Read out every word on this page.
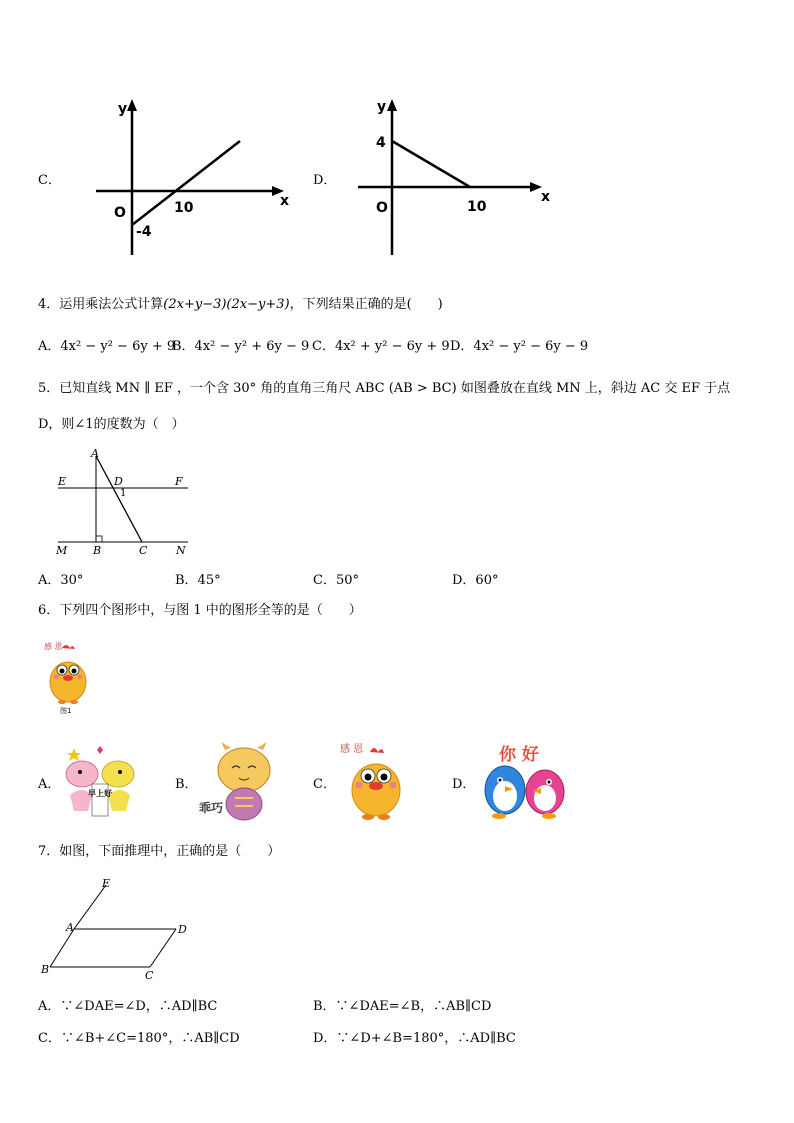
C．
y
x
O	10
-4
D．
y
x
O	10
4
4．运用乘法公式计算(2x+y−3)(2x−y+3)，下列结果正确的是(　　)
A．4x² − y² − 6y + 9
B．4x² − y² + 6y − 9 C．4x² + y² − 6y + 9 D．4x² − y² − 6y − 9
5．已知直线 MN ∥ EF ，一个含 30° 角的直角三角尺 ABC (AB > BC) 如图叠放在直线 MN 上，斜边 AC 交 EF 于点
D，则∠1的度数为（　）
A
E	D	F
1
M B	C	N
A．30°	B．45°	C．50°	D．60°
6．下列四个图形中，与图 1 中的图形全等的是（　　）
感 恩
图1
A．
早上好
B．
乖巧
C．
感 恩
D．
你 好
7．如图，下面推理中，正确的是（　　）
E
A	D
B	C
A．∵∠DAE=∠D，∴AD∥BC	B．∵∠DAE=∠B，∴AB∥CD
C．∵∠B+∠C=180°，∴AB∥CD	D．∵∠D+∠B=180°，∴AD∥BC
